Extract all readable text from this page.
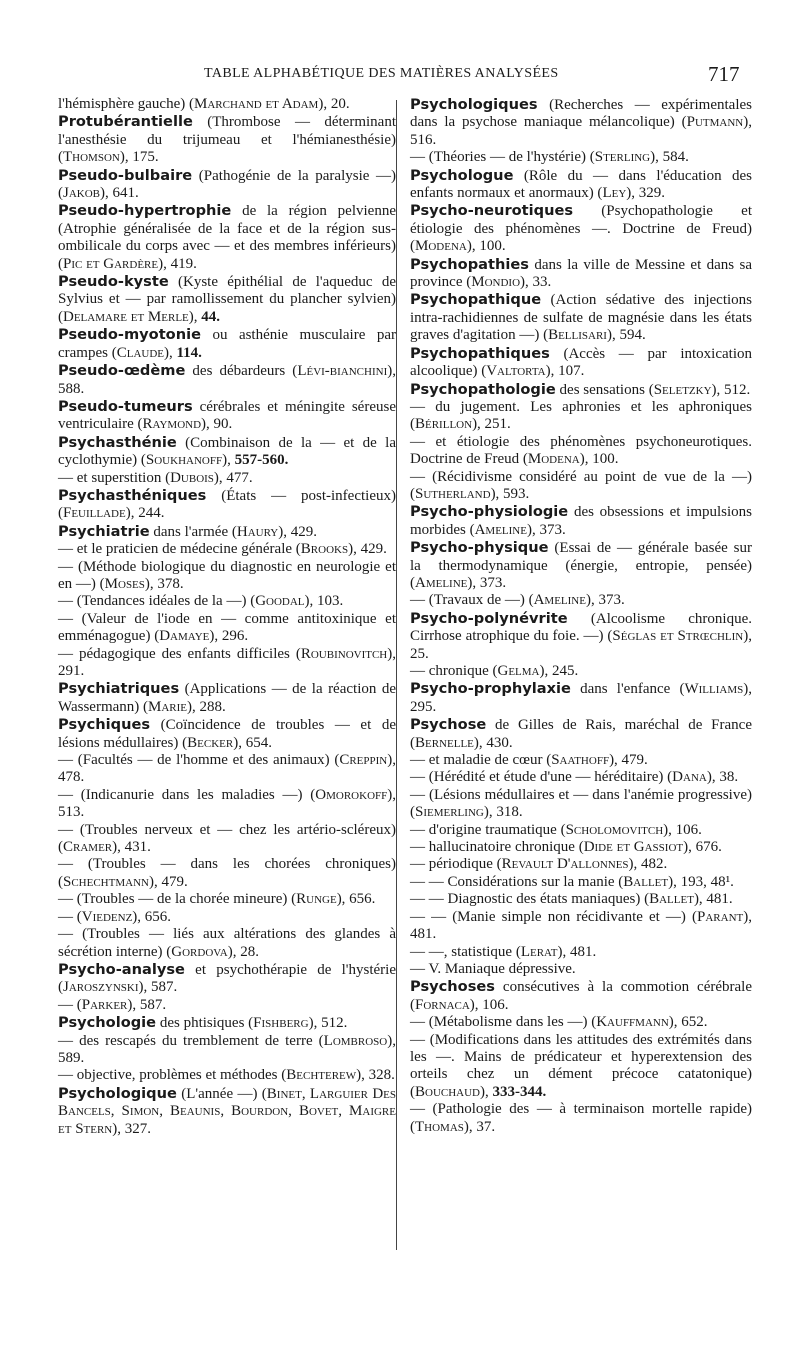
TABLE ALPHABÉTIQUE DES MATIÈRES ANALYSÉES	717

l'hémisphère gauche) (Marchand et Adam), 20.

Protubérantielle (Thrombose — déterminant l'anesthésie du trijumeau et l'hémianesthésie) (Thomson), 175.

Pseudo-bulbaire (Pathogénie de la paralysie —) (Jakob), 641.

Pseudo-hypertrophie de la région pelvienne (Atrophie généralisée de la face et de la région sus-ombilicale du corps avec — et des membres inférieurs) (Pic et Gardère), 419.

Pseudo-kyste (Kyste épithélial de l'aqueduc de Sylvius et — par ramollissement du plancher sylvien) (Delamare et Merle), 44.

Pseudo-myotonie ou asthénie musculaire par crampes (Claude), 114.

Pseudo-œdème des débardeurs (Lévi-bianchini), 588.

Pseudo-tumeurs cérébrales et méningite séreuse ventriculaire (Raymond), 90.

Psychasthénie (Combinaison de la — et de la cyclothymie) (Soukhanoff), 557-560.

— et superstition (Dubois), 477.

Psychasthéniques (États — post-infectieux) (Feuillade), 244.

Psychiatrie dans l'armée (Haury), 429.

— et le praticien de médecine générale (Brooks), 429.

— (Méthode biologique du diagnostic en neurologie et en —) (Moses), 378.

— (Tendances idéales de la —) (Goodal), 103.

— (Valeur de l'iode en — comme antitoxinique et emménagogue) (Damaye), 296.

— pédagogique des enfants difficiles (Roubinovitch), 291.

Psychiatriques (Applications — de la réaction de Wassermann) (Marie), 288.

Psychiques (Coïncidence de troubles — et de lésions médullaires) (Becker), 654.

— (Facultés — de l'homme et des animaux) (Creppin), 478.

— (Indicanurie dans les maladies —) (Omorokoff), 513.

— (Troubles nerveux et — chez les artério-scléreux) (Cramer), 431.

— (Troubles — dans les chorées chroniques) (Schechtmann), 479.

— (Troubles — de la chorée mineure) (Runge), 656.

— (Viedenz), 656.

— (Troubles — liés aux altérations des glandes à sécrétion interne) (Gordova), 28.

Psycho-analyse et psychothérapie de l'hystérie (Jaroszynski), 587.

— (Parker), 587.

Psychologie des phtisiques (Fishberg), 512.

— des rescapés du tremblement de terre (Lombroso), 589.

— objective, problèmes et méthodes (Bechterew), 328.

Psychologique (L'année —) (Binet, Larguier Des Bancels, Simon, Beaunis, Bourdon, Bovet, Maigre et Stern), 327.

Psychologiques (Recherches — expérimentales dans la psychose maniaque mélancolique) (Putmann), 516.

— (Théories — de l'hystérie) (Sterling), 584.

Psychologue (Rôle du — dans l'éducation des enfants normaux et anormaux) (Ley), 329.

Psycho-neurotiques (Psychopathologie et étiologie des phénomènes —. Doctrine de Freud) (Modena), 100.

Psychopathies dans la ville de Messine et dans sa province (Mondio), 33.

Psychopathique (Action sédative des injections intra-rachidiennes de sulfate de magnésie dans les états graves d'agitation —) (Bellisari), 594.

Psychopathiques (Accès — par intoxication alcoolique) (Valtorta), 107.

Psychopathologie des sensations (Seletzky), 512.

— du jugement. Les aphronies et les aphroniques (Bérillon), 251.

— et étiologie des phénomènes psychoneurotiques. Doctrine de Freud (Modena), 100.

— (Récidivisme considéré au point de vue de la —) (Sutherland), 593.

Psycho-physiologie des obsessions et impulsions morbides (Ameline), 373.

Psycho-physique (Essai de — générale basée sur la thermodynamique (énergie, entropie, pensée) (Ameline), 373.

— (Travaux de —) (Ameline), 373.

Psycho-polynévrite (Alcoolisme chronique. Cirrhose atrophique du foie. —) (Séglas et Strœchlin), 25.

— chronique (Gelma), 245.

Psycho-prophylaxie dans l'enfance (Williams), 295.

Psychose de Gilles de Rais, maréchal de France (Bernelle), 430.

— et maladie de cœur (Saathoff), 479.

— (Hérédité et étude d'une — héréditaire) (Dana), 38.

— (Lésions médullaires et — dans l'anémie progressive) (Siemerling), 318.

— d'origine traumatique (Scholomovitch), 106.

— hallucinatoire chronique (Dide et Gassiot), 676.

— périodique (Revault D'allonnes), 482.

— — Considérations sur la manie (Ballet), 193, 48¹.

— — Diagnostic des états maniaques) (Ballet), 481.

— — (Manie simple non récidivante et —) (Parant), 481.

— —, statistique (Lerat), 481.

— V. Maniaque dépressive.

Psychoses consécutives à la commotion cérébrale (Fornaca), 106.

— (Métabolisme dans les —) (Kauffmann), 652.

— (Modifications dans les attitudes des extrémités dans les —. Mains de prédicateur et hyperextension des orteils chez un dément précoce catatonique) (Bouchaud), 333-344.

— (Pathologie des — à terminaison mortelle rapide) (Thomas), 37.
